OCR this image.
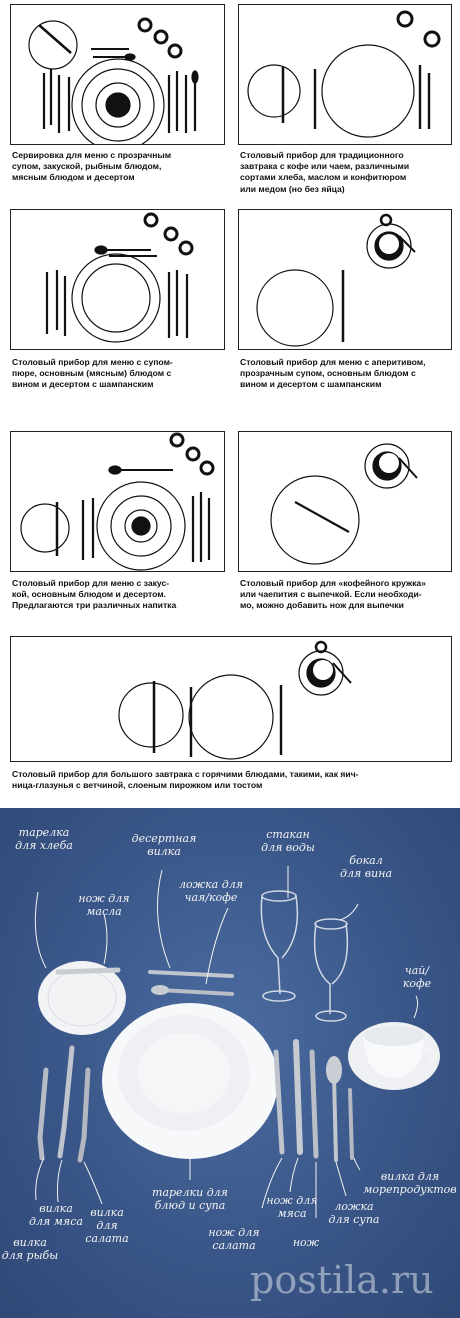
Сервировка для меню с прозрачным
супом, закуской, рыбным блюдом,
мясным блюдом и десертом
Столовый прибор для традиционного
завтрака с кофе или чаем, различными
сортами хлеба, маслом и конфитюром
или медом (но без яйца)
Столовый прибор для меню с супом-
пюре, основным (мясным) блюдом с
вином и десертом с шампанским
Столовый прибор для меню с аперитивом,
прозрачным супом, основным блюдом с
вином и десертом с шампанским
Столовый прибор для меню с закус-
кой, основным блюдом и десертом.
Предлагаются три различных напитка
Столовый прибор для «кофейного кружка»
или чаепития с выпечкой. Если необходи-
мо, можно добавить нож для выпечки
Столовый прибор для большого завтрака с горячими блюдами, такими, как яич-
ница-глазунья с ветчиной, слоеным пирожком или тостом
тарелка
для хлеба
нож для
масла
десертная
вилка
ложка для
чая/кофе
стакан
для воды
бокал
для вина
чай/
кофе
вилка
для рыбы
вилка
для мяса
вилка
для
салата
тарелки для
блюд и супа	нож для
мяса
ложка
для супа
вилка для
морепродуктов
нож для
салата	нож
postila.ru
